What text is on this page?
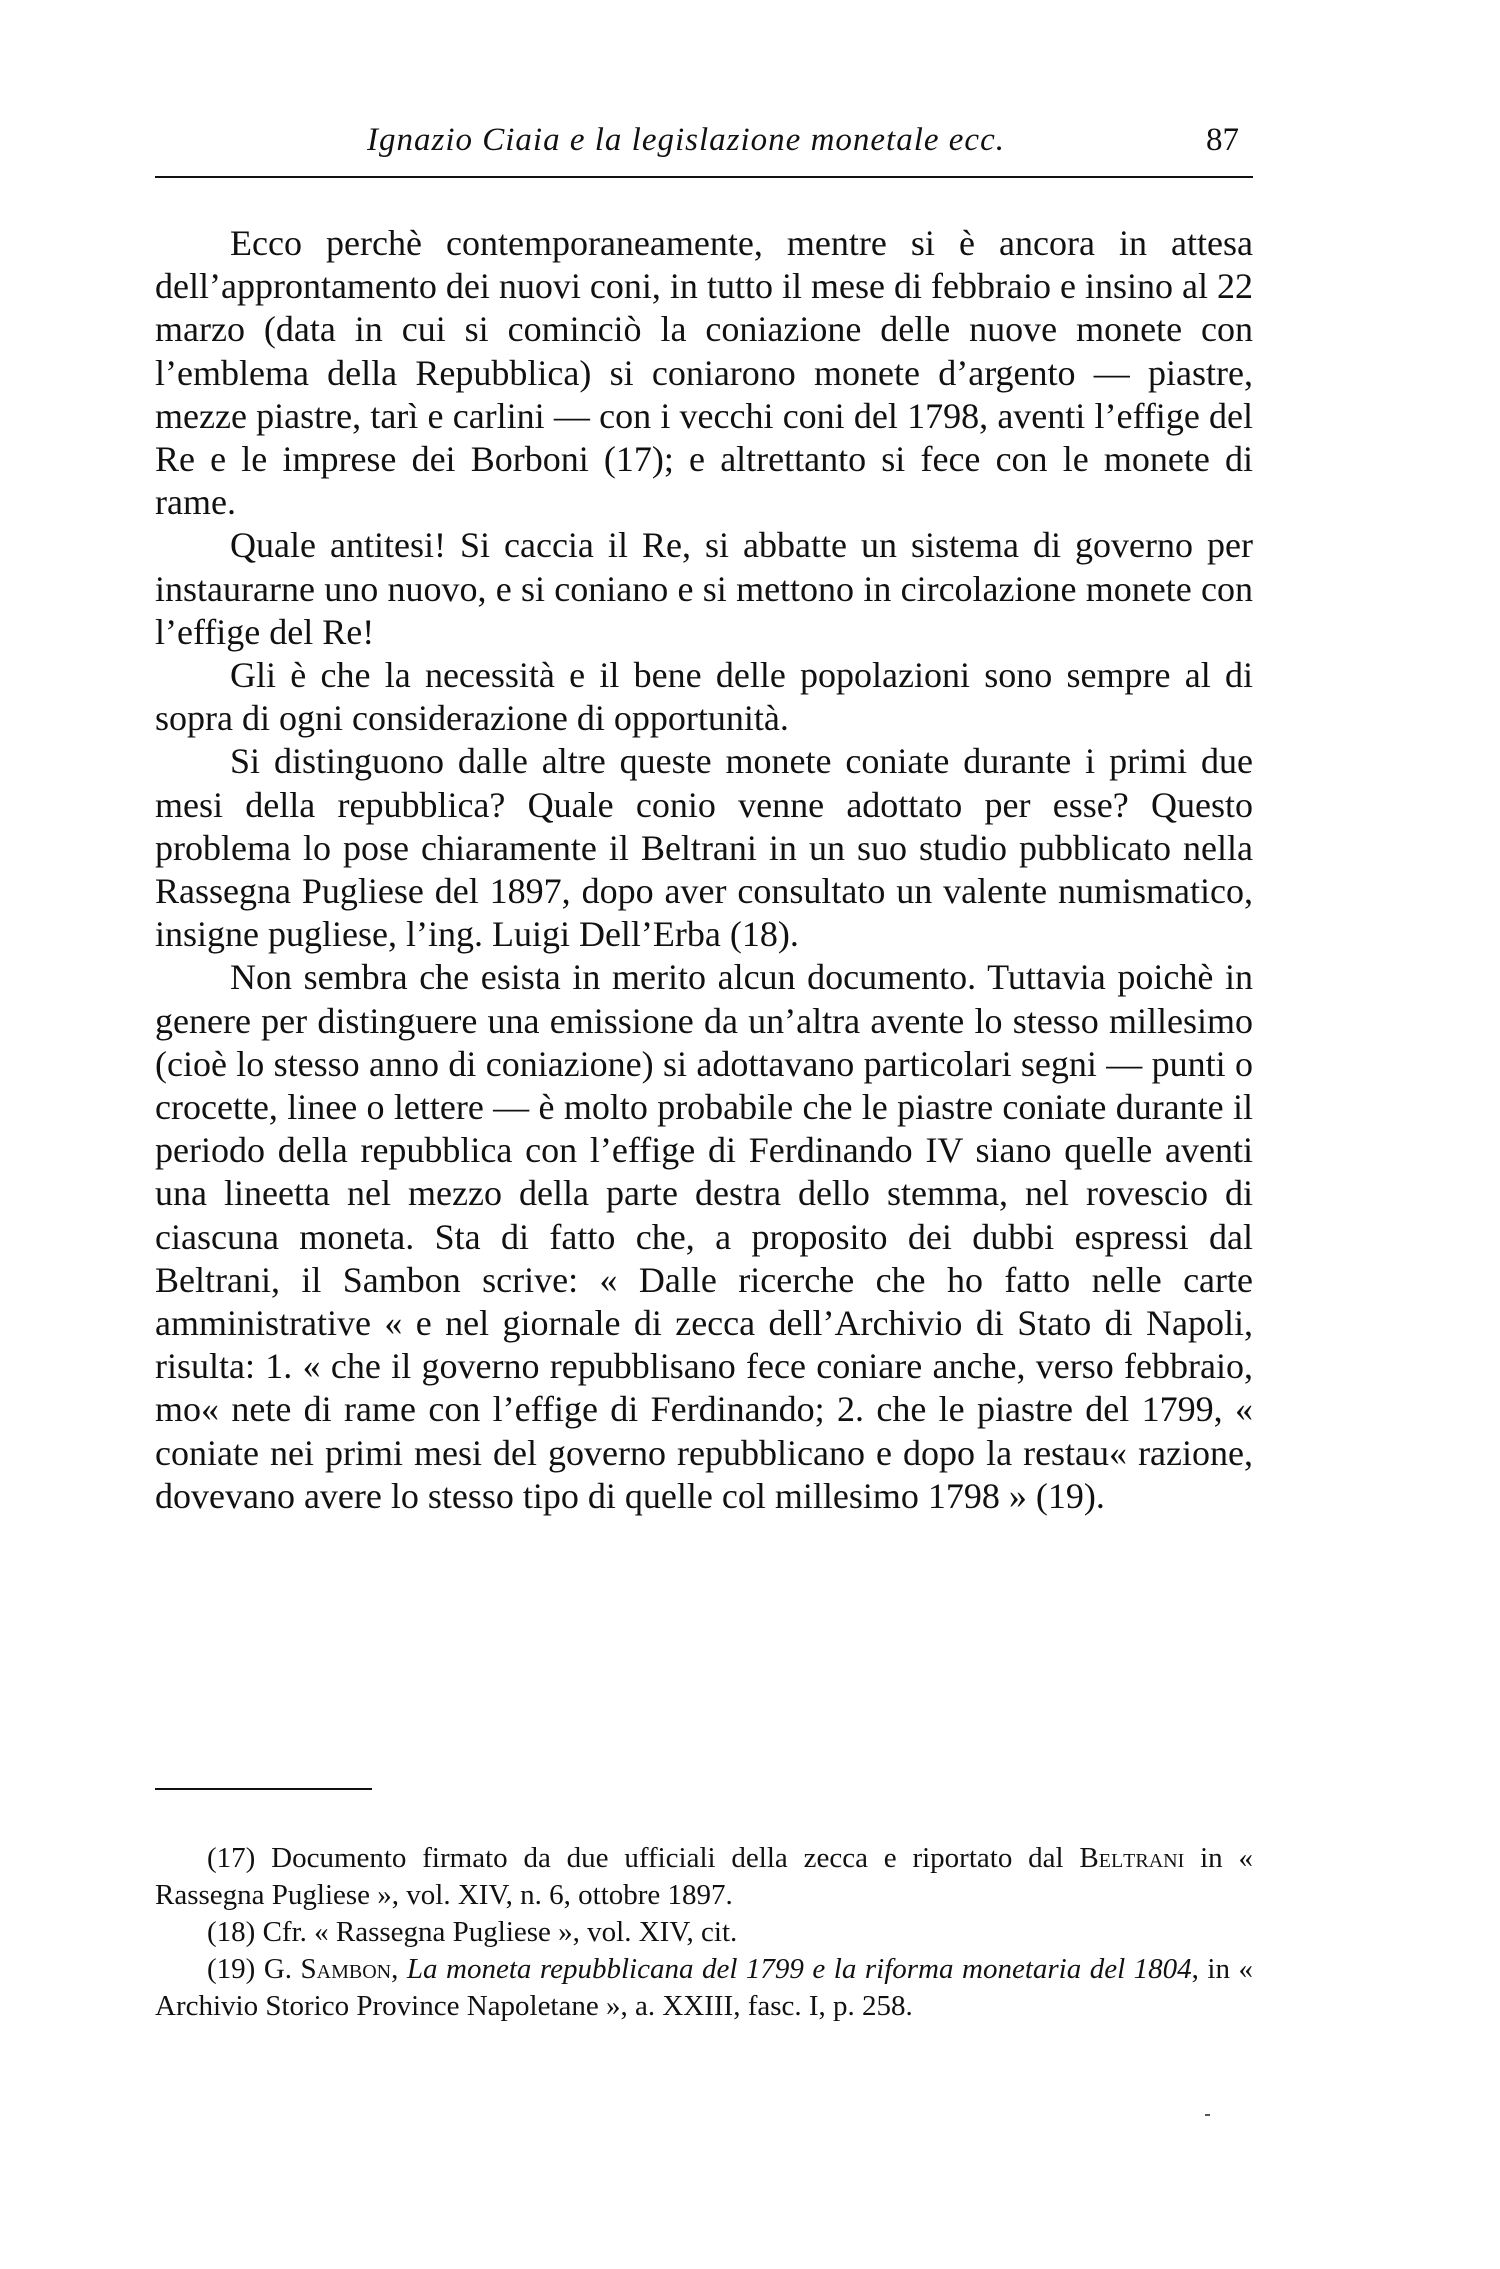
Ignazio Ciaia e la legislazione monetale ecc.	87

Ecco perchè contemporaneamente, mentre si è ancora in attesa dell’approntamento dei nuovi coni, in tutto il mese di febbraio e insino al 22 marzo (data in cui si cominciò la coniazione delle nuove monete con l’emblema della Repubblica) si coniarono monete d’argento — piastre, mezze piastre, tarì e carlini — con i vecchi coni del 1798, aventi l’effige del Re e le imprese dei Borboni (17); e altrettanto si fece con le monete di rame.

Quale antitesi! Si caccia il Re, si abbatte un sistema di governo per instaurarne uno nuovo, e si coniano e si mettono in circolazione monete con l’effige del Re!

Gli è che la necessità e il bene delle popolazioni sono sempre al di sopra di ogni considerazione di opportunità.

Si distinguono dalle altre queste monete coniate durante i primi due mesi della repubblica? Quale conio venne adottato per esse? Questo problema lo pose chiaramente il Beltrani in un suo studio pubblicato nella Rassegna Pugliese del 1897, dopo aver consultato un valente numismatico, insigne pugliese, l’ing. Luigi Dell’Erba (18).

Non sembra che esista in merito alcun documento. Tuttavia poichè in genere per distinguere una emissione da un’altra avente lo stesso millesimo (cioè lo stesso anno di coniazione) si adottavano particolari segni — punti o crocette, linee o lettere — è molto probabile che le piastre coniate durante il periodo della repubblica con l’effige di Ferdinando IV siano quelle aventi una lineetta nel mezzo della parte destra dello stemma, nel rovescio di ciascuna moneta. Sta di fatto che, a proposito dei dubbi espressi dal Beltrani, il Sambon scrive: « Dalle ricerche che ho fatto nelle carte amministrative « e nel giornale di zecca dell’Archivio di Stato di Napoli, risulta: 1. « che il governo repubblisano fece coniare anche, verso febbraio, mo« nete di rame con l’effige di Ferdinando; 2. che le piastre del 1799, « coniate nei primi mesi del governo repubblicano e dopo la restau« razione, dovevano avere lo stesso tipo di quelle col millesimo 1798 » (19).

(17) Documento firmato da due ufficiali della zecca e riportato dal Beltrani in « Rassegna Pugliese », vol. XIV, n. 6, ottobre 1897.

(18) Cfr. « Rassegna Pugliese », vol. XIV, cit.

(19) G. Sambon, La moneta repubblicana del 1799 e la riforma monetaria del 1804, in « Archivio Storico Province Napoletane », a. XXIII, fasc. I, p. 258.
